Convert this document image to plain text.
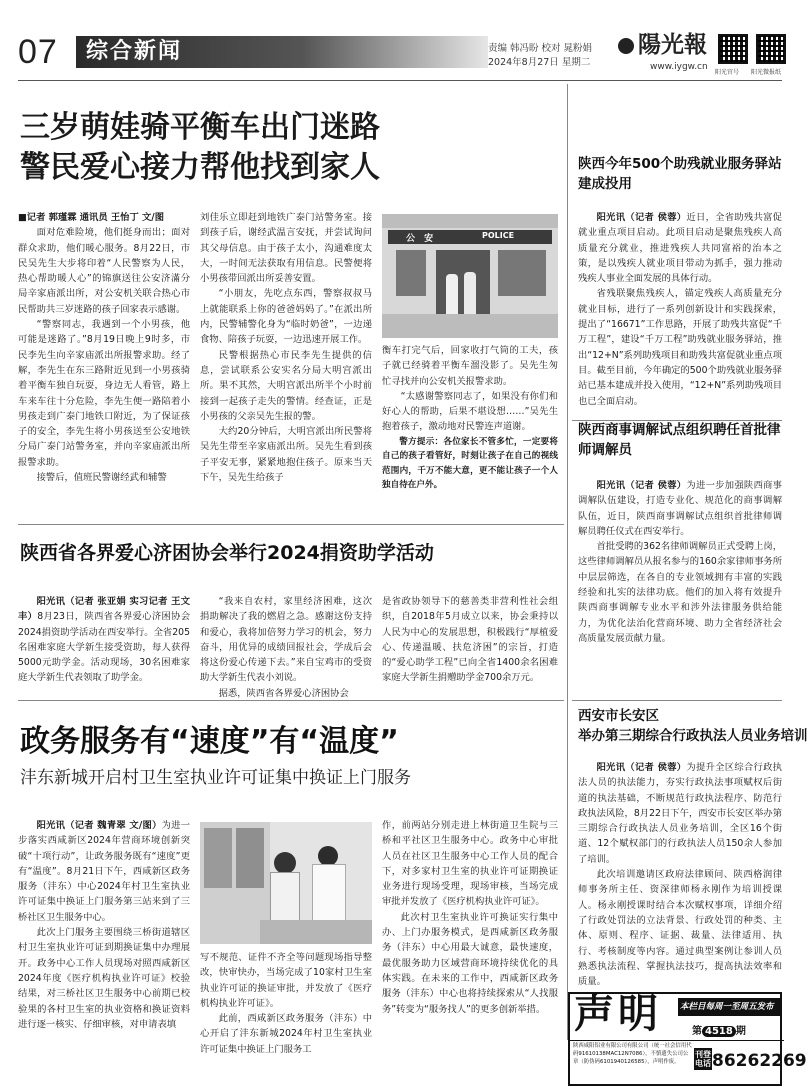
07 综合新闻	责编 韩冯盼 校对 晁粉娟
2024年8月27日 星期二
陽光報
www.iygw.cn
阳光官号 阳光微报纸
三岁萌娃骑平衡车出门迷路
警民爱心接力帮他找到家人
■记者 郭瑾霖 通讯员 王怡丁 文/图
面对危难险境，他们挺身而出；面对群众求助，他们暖心服务。8月22日，市民吴先生大步将印着“人民警察为人民，热心帮助暖人心”的锦旗送往公安济滿分局辛家庙派出所，对公安机关联合热心市民帮助共三岁迷路的孩子回家表示感谢。
“警察同志，我遇到一个小男孩，他可能是迷路了。”8月19日晚上9时多，市民李先生向辛家庙派出所报警求助。经了解，李先生在东三路附近见到一小男孩骑着平衡车独自玩耍，身边无人看管，路上车来车往十分危险，李先生便一路陪着小男孩走到广泰门地铁口附近，为了保证孩子的安全，李先生将小男孩送至公安地铁分局广泰门站警务室，并向辛家庙派出所报警求助。
接警后，值班民警谢经武和辅警
刘佳乐立即赶到地铁广泰门站警务室。接到孩子后，谢经武温言安抚，并尝试询问其父母信息。由于孩子太小，沟通难度太大，一时间无法获取有用信息。民警便将小男孩带回派出所妥善安置。
“小朋友，先吃点东西，警察叔叔马上就能联系上你的爸爸妈妈了。”在派出所内，民警辅警化身为“临时奶爸”，一边递食物、陪孩子玩耍，一边迅速开展工作。
民警根据热心市民李先生提供的信息，尝试联系公安实名分局大明宫派出所。果不其然，大明宫派出所半个小时前接到一起孩子走失的警情。经查证，正是小男孩的父亲吴先生报的警。
大约20分钟后，大明宫派出所民警将吴先生带至辛家庙派出所。吴先生看到孩子平安无事，紧紧地抱住孩子。原来当天下午，吴先生给孩子
公 安	POLICE
衡车打完气后，回家收打气筒的工夫，孩子就已经骑着平衡车溜没影了。吴先生匆忙寻找并向公安机关报警求助。
“太感谢警察同志了，如果没有你们和好心人的帮助，后果不堪设想……”吴先生抱着孩子，激动地对民警连声道谢。
警方提示：各位家长不管多忙，一定要将自己的孩子看管好，时刻让孩子在自己的视线范围内，千万不能大意，更不能让孩子一个人独自待在户外。
陕西省各界爱心济困协会举行2024捐资助学活动
阳光讯（记者 张亚娟 实习记者 王文丰）8月23日，陕西省各界爱心济困协会2024捐资助学活动在西安举行。全省205名困难家庭大学新生接受资助，每人获得5000元助学金。活动现场，30名困难家庭大学新生代表领取了助学金。
“我来自农村，家里经济困难，这次捐助解决了我的燃眉之急。感谢这份支持和爱心，我将加倍努力学习的机会，努力奋斗，用优异的成绩回报社会，学成后会将这份爱心传递下去。”来自宝鸡市的受资助大学新生代表小刘说。
据悉，陕西省各界爱心济困协会
是省政协领导下的慈善类非营利性社会组织，自2018年5月成立以来，协会秉持以人民为中心的发展思想，积极践行“厚植爱心、传递温暖、扶危济困”的宗旨，打造的“爱心助学工程”已向全省1400余名困难家庭大学新生捐赠助学金700余万元。
政务服务有“速度”有“温度”
沣东新城开启村卫生室执业许可证集中换证上门服务
阳光讯（记者 魏青翠 文/图）为进一步落实西咸新区2024年营商环境创新突破“十项行动”，让政务服务既有“速度”更有“温度”。8月21日下午，西咸新区政务服务（沣东）中心2024年村卫生室执业许可证集中换证上门服务第三站来到了三桥社区卫生服务中心。
此次上门服务主要围绕三桥街道辖区村卫生室执业许可证到期换证集中办理展开。政务中心工作人员现场对照西咸新区2024年度《医疗机构执业许可证》校验结果，对三桥社区卫生服务中心前期已校验果的各村卫生室的执业资格和换证资料进行逐一核实、仔细审核，对申请表填
写不规范、证件不齐全等问题现场指导整改，快审快办，当场完成了10家村卫生室执业许可证的换证审批，并发放了《医疗机构执业许可证》。
此前，西咸新区政务服务（沣东）中心开启了沣东新城2024年村卫生室执业许可证集中换证上门服务工
作，前两站分别走进上林街道卫生院与三桥和平社区卫生服务中心。政务中心审批人员在社区卫生服务中心工作人员的配合下，对多家村卫生室的执业许可证期换证业务进行现场受理，现场审核，当场完成审批并发放了《医疗机构执业许可证》。
此次村卫生室执业许可换证实行集中办、上门办服务模式，是西咸新区政务服务（沣东）中心用最大诚意，最快速度，最优服务助力区域营商环境持续优化的具体实践。在未来的工作中，西咸新区政务服务（沣东）中心也将持续探索从“人找服务”转变为“服务找人”的更多创新举措。
陕西今年500个助残就业服务驿站建成投用
阳光讯（记者 侯蓉）近日，全省助残共富促就业重点项目启动。此项目启动是聚焦残疾人高质量充分就业，推进残疾人共同富裕的治本之策，是以残疾人就业项目带动为抓手，强力推动残疾人事业全面发展的具体行动。
省残联聚焦残疾人，锚定残疾人高质量充分就业目标，进行了一系列创新设计和实践探索，提出了“16671”工作思路，开展了助残共富促“千万工程”，建设“千万工程”助残就业服务驿站，推出“12+N”系列助残项目和助残共富促就业重点项目。截至目前，今年确定的500个助残就业服务驿站已基本建成并投入使用，“12+N”系列助残项目也已全面启动。
陕西商事调解试点组织聘任首批律师调解员
阳光讯（记者 侯蓉）为进一步加强陕西商事调解队伍建设，打造专业化、规范化的商事调解队伍，近日，陕西商事调解试点组织首批律师调解员聘任仪式在西安举行。
首批受聘的362名律师调解员正式受聘上岗，这些律师调解员从报名参与的160余家律师事务所中层层筛选，在各自的专业领域拥有丰富的实践经验和扎实的法律功底。他们的加入将有效提升陕西商事调解专业水平和涉外法律服务供给能力，为优化法治化营商环境、助力全省经济社会高质量发展贡献力量。
西安市长安区
举办第三期综合行政执法人员业务培训
阳光讯（记者 侯蓉）为提升全区综合行政执法人员的执法能力，夯实行政执法事项赋权后街道的执法基础，不断规范行政执法程序、防范行政执法风险，8月22日下午，西安市长安区举办第三期综合行政执法人员业务培训，全区16个街道、12个赋权部门的行政执法人员150余人参加了培训。
此次培训邀请区政府法律顾问、陕西格润律师事务所主任、资深律师杨永刚作为培训授课人。杨永刚授课时结合本次赋权事项，详细介绍了行政处罚法的立法背景、行政处罚的种类、主体、原则、程序、证据、裁量、法律适用、执行、考核制度等内容。通过典型案例让参训人员熟悉执法流程、掌握执法技巧，提高执法效率和质量。
声明 本栏目每周一至周五发布
第 4518 期
陕西咸阳铝业有限公司有限公司（统一社会信用代码91610138MAC12N7086），不慎遗失公司公章（防伪码6101940126585），声明作废。
刊登电话 86262269
